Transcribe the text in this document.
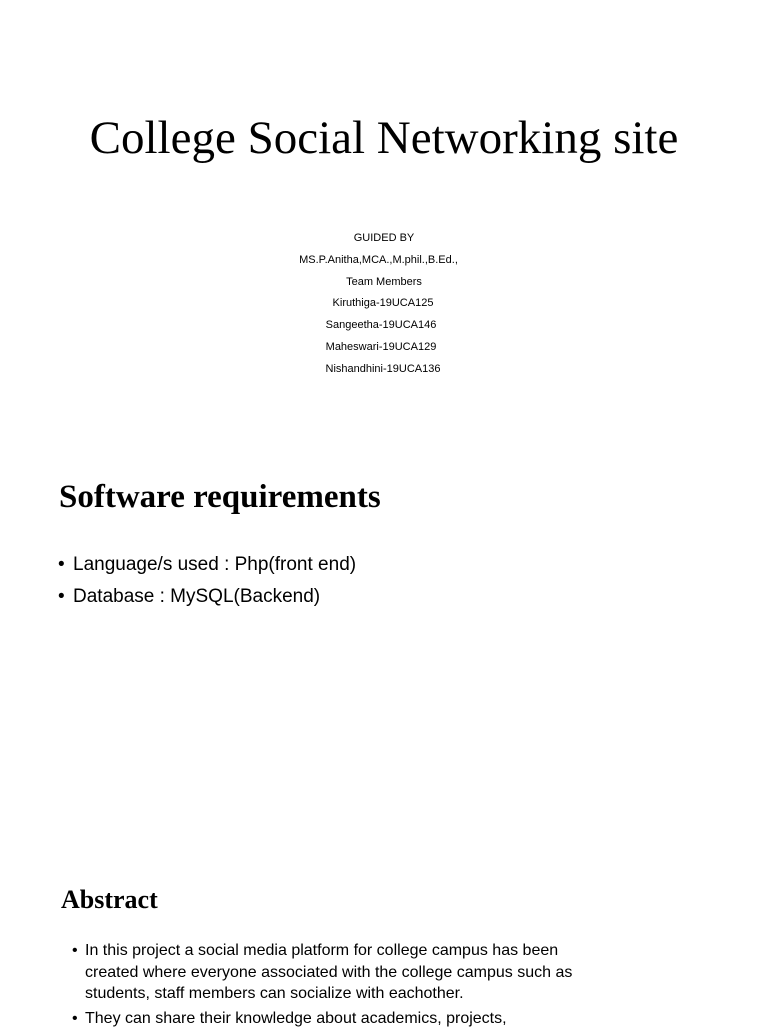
College Social Networking site
GUIDED BY
MS.P.Anitha,MCA.,M.phil.,B.Ed.,
Team Members
Kiruthiga-19UCA125
Sangeetha-19UCA146
Maheswari-19UCA129
Nishandhini-19UCA136
Software requirements
• Language/s used : Php(front end)
• Database : MySQL(Backend)
Abstract
• In this project a social media platform for college campus has been created where everyone associated with the college campus such as students, staff members can socialize with eachother.
• They can share their knowledge about academics, projects,
